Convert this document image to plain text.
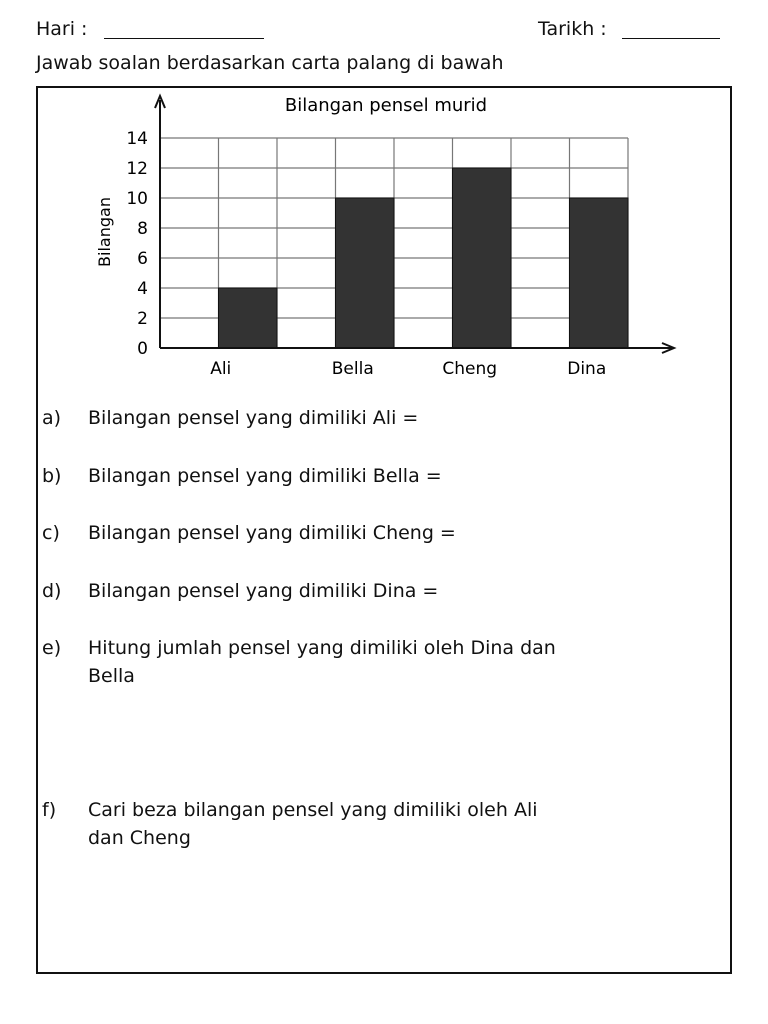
Hari :	Tarikh :
Jawab soalan berdasarkan carta palang di bawah
Bilangan pensel murid
Bilangan
0
2
4
6
8
10
12
14
Ali	Bella	Cheng	Dina
a) Bilangan pensel yang dimiliki Ali =
b) Bilangan pensel yang dimiliki Bella =
c) Bilangan pensel yang dimiliki Cheng =
d) Bilangan pensel yang dimiliki Dina =
e) Hitung jumlah pensel yang dimiliki oleh Dina dan Bella
f) Cari beza bilangan pensel yang dimiliki oleh Ali dan Cheng
